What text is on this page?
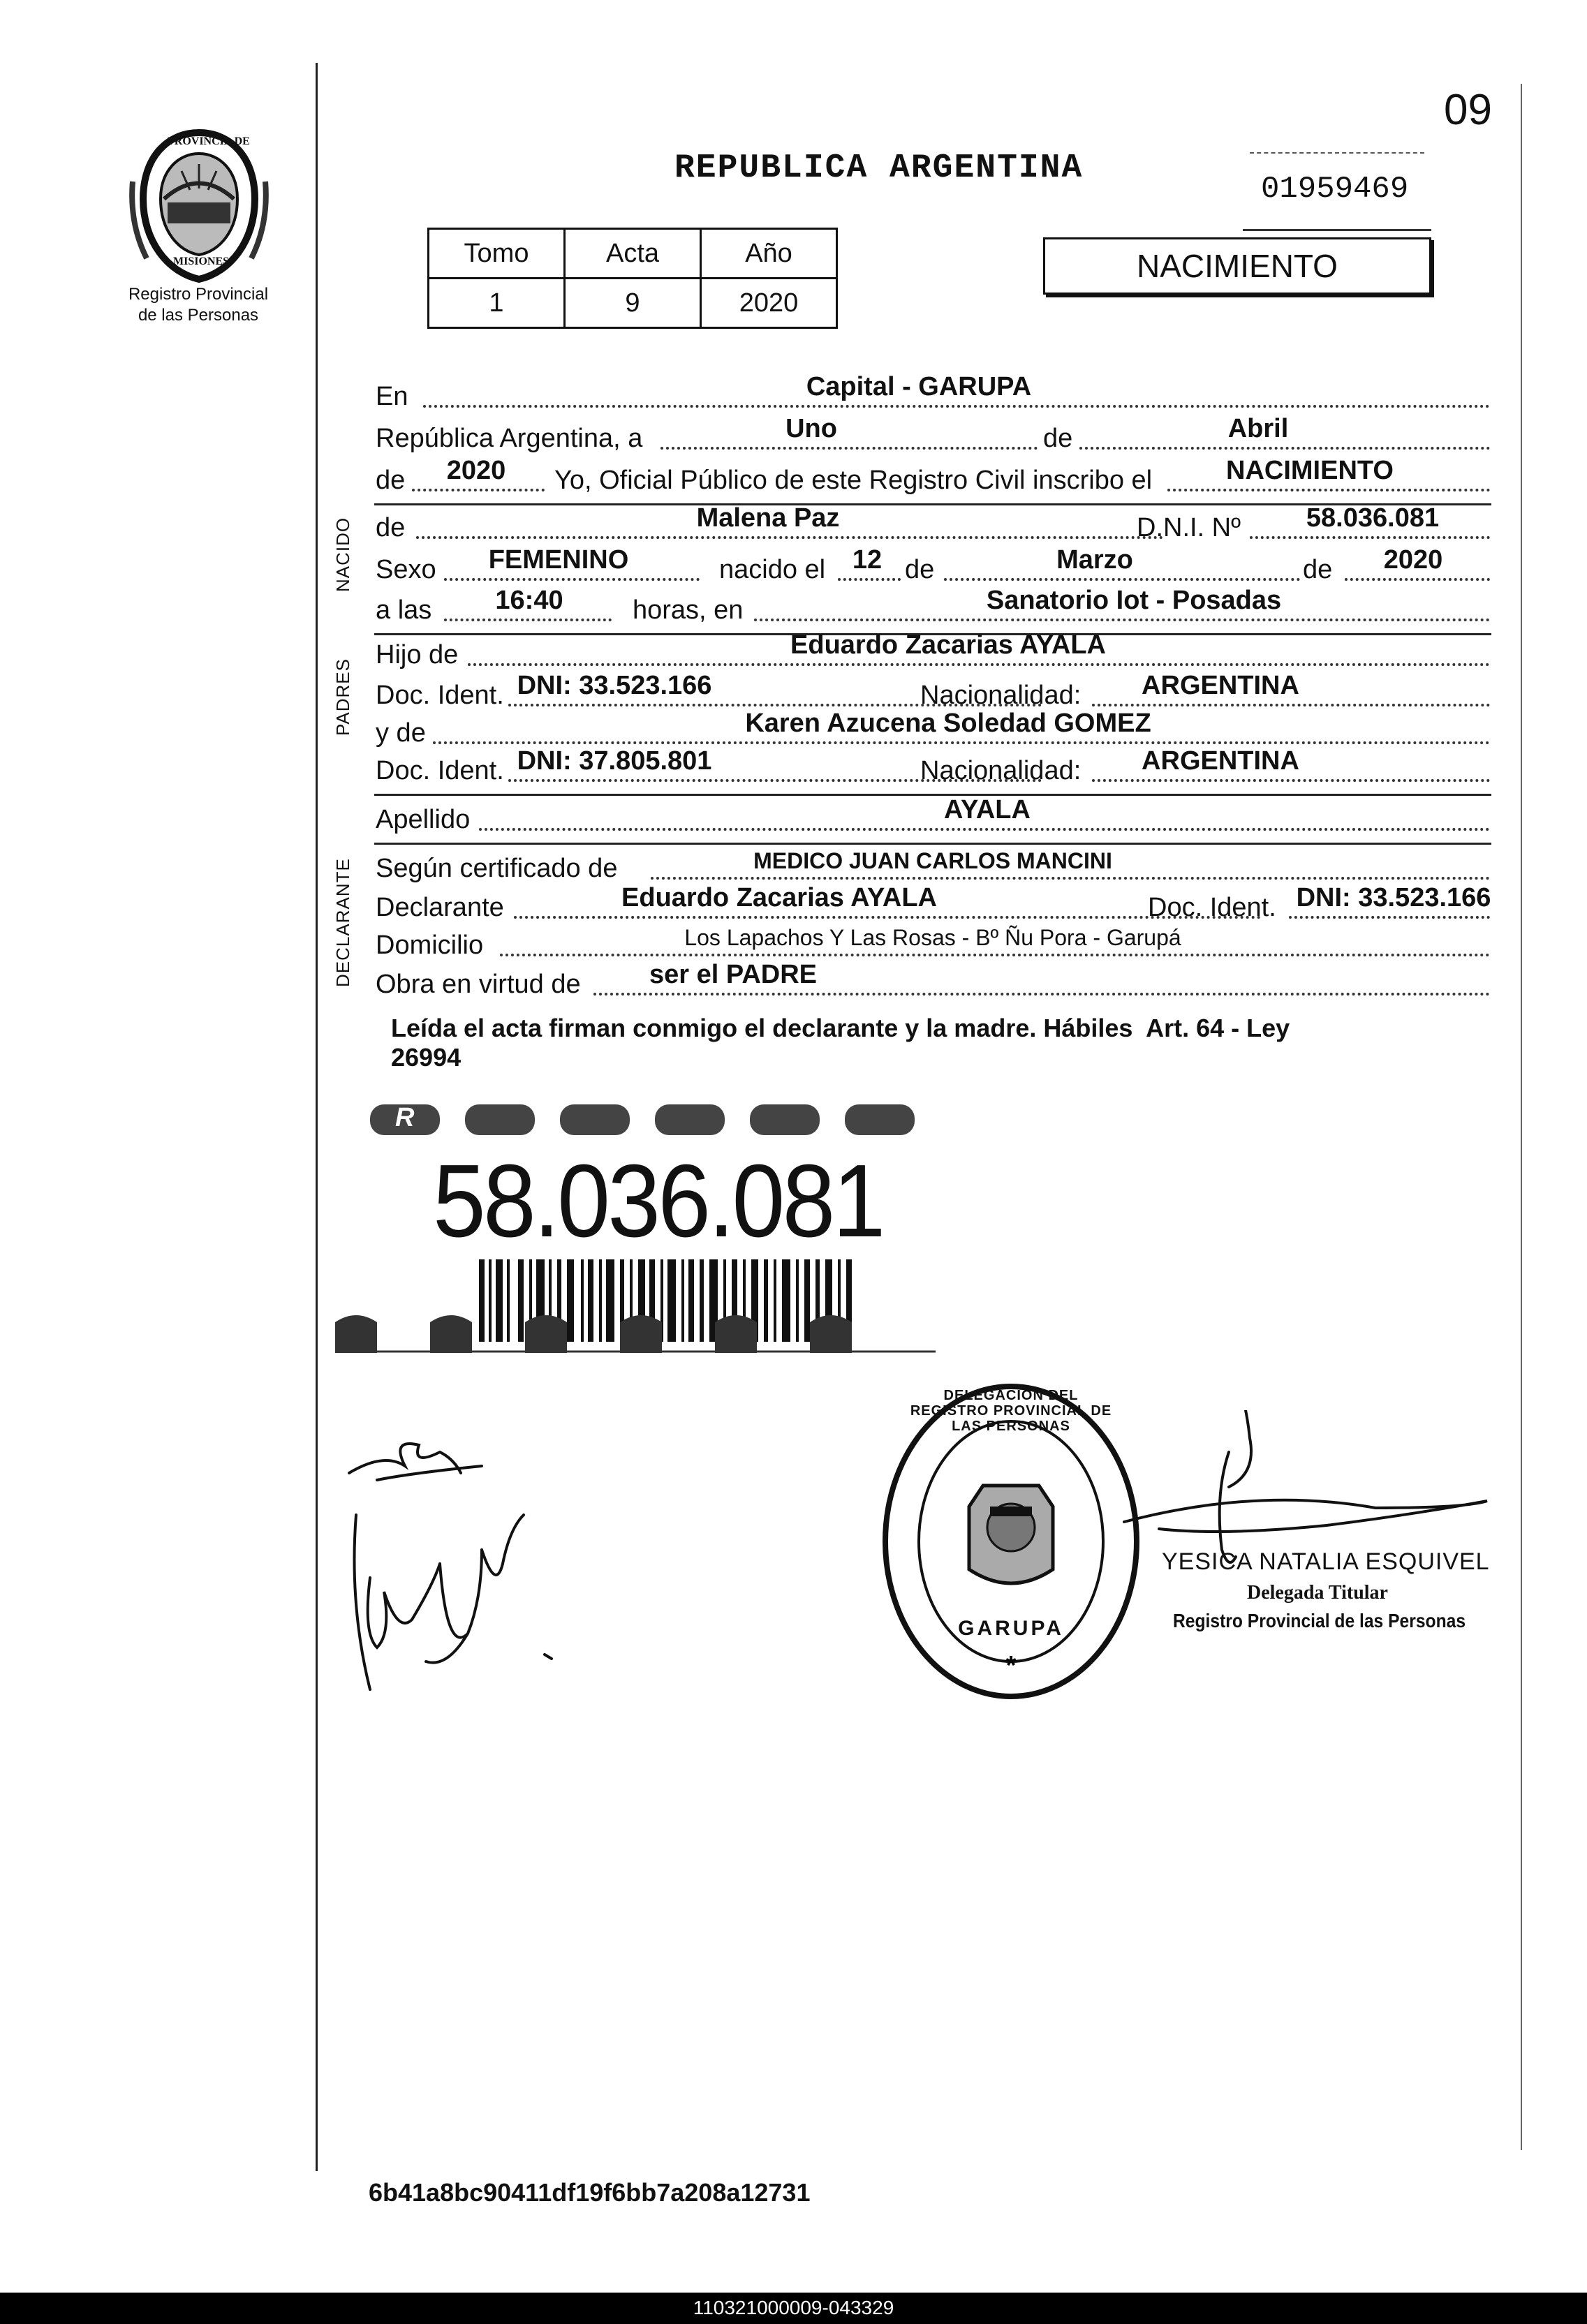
PROVINCIA DE
MISIONES
Registro Provincial
de las Personas
09
REPUBLICA ARGENTINA
01959469
Tomo	Acta	Año
1	9	2020
NACIMIENTO
NACIDO
PADRES
DECLARANTE
En	Capital - GARUPA
República Argentina, a	Uno	de	Abril
de 2020 Yo, Oficial Público de este Registro Civil inscribo el	NACIMIENTO
de	Malena Paz	D.N.I. Nº 58.036.081
Sexo FEMENINO	nacido el 12 de	Marzo	de 2020
a las 16:40	horas, en	Sanatorio Iot - Posadas
Hijo de	Eduardo Zacarias AYALA
Doc. Ident. DNI: 33.523.166	Nacionalidad: ARGENTINA
y de	Karen Azucena Soledad GOMEZ
Doc. Ident. DNI: 37.805.801	Nacionalidad: ARGENTINA
Apellido	AYALA
Según certificado de	MEDICO JUAN CARLOS MANCINI
Declarante	Eduardo Zacarias AYALA	Doc. Ident. DNI: 33.523.166
Domicilio	Los Lapachos Y Las Rosas - Bº Ñu Pora - Garupá
Obra en virtud de	ser el PADRE
Leída el acta firman conmigo el declarante y la madre. Hábiles  Art. 64 - Ley
26994
R
58.036.081
*
DELEGACION DEL REGISTRO PROVINCIAL DE LAS PERSONAS
GARUPA
YESICA NATALIA ESQUIVEL
Delegada Titular
Registro Provincial de las Personas
6b41a8bc90411df19f6bb7a208a12731
110321000009-043329
